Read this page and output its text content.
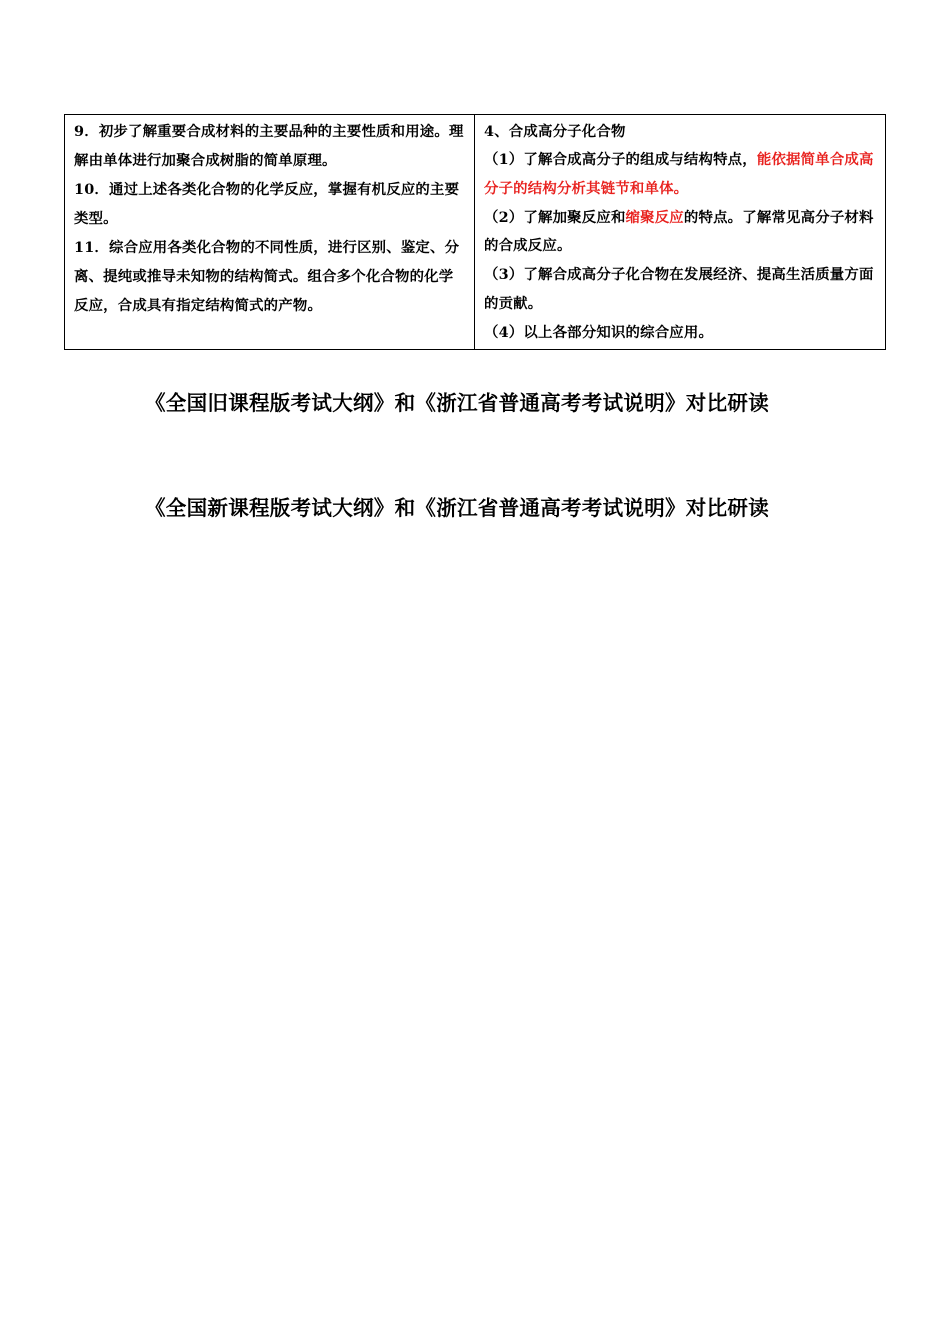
9．初步了解重要合成材料的主要品种的主要性质和用途。理解由单体进行加聚合成树脂的简单原理。

10．通过上述各类化合物的化学反应，掌握有机反应的主要类型。

11．综合应用各类化合物的不同性质，进行区别、鉴定、分离、提纯或推导未知物的结构简式。组合多个化合物的化学反应，合成具有指定结构简式的产物。

4、合成高分子化合物

（1）了解合成高分子的组成与结构特点，能依据简单合成高分子的结构分析其链节和单体。

（2）了解加聚反应和缩聚反应的特点。了解常见高分子材料的合成反应。

（3）了解合成高分子化合物在发展经济、提高生活质量方面的贡献。

（4）以上各部分知识的综合应用。

《全国旧课程版考试大纲》和《浙江省普通高考考试说明》对比研读

《全国新课程版考试大纲》和《浙江省普通高考考试说明》对比研读
